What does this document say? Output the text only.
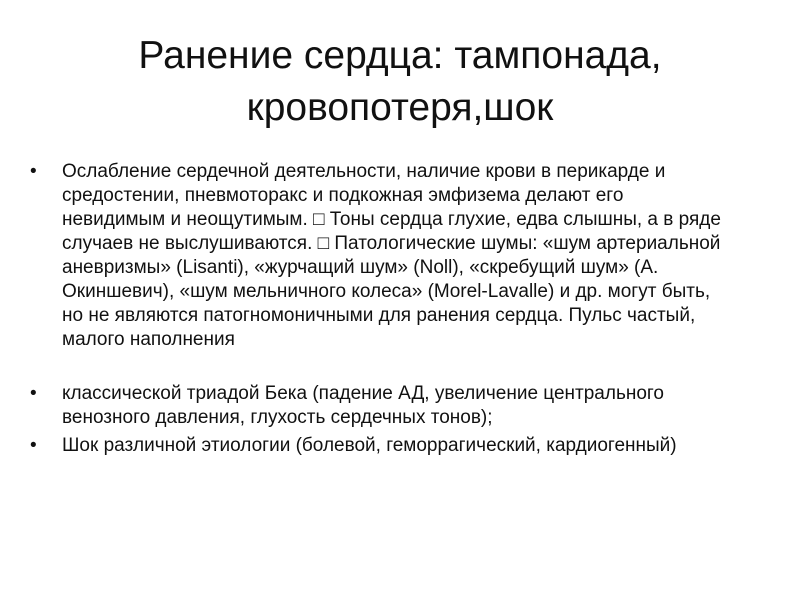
Ранение сердца: тампонада, кровопотеря,шок
•	Ослабление сердечной деятельности, наличие крови в перикарде и средостении, пневмоторакс и подкожная эмфизема делают его невидимым и неощутимым. □ Тоны сердца глухие, едва слышны, а в ряде случаев не выслушиваются. □ Патологические шумы: «шум артериальной аневризмы» (Lisanti), «журчащий шум» (Noll), «скребущий шум» (А. Окиншевич), «шум мельничного колеса» (Morel-Lavalle) и др. могут быть, но не являются патогномоничными для ранения сердца. Пульс частый, малого наполнения
•	классической триадой Бека (падение АД, увеличение центрального венозного давления, глухость сердечных тонов);
•	Шок различной этиологии (болевой, геморрагический, кардиогенный)
